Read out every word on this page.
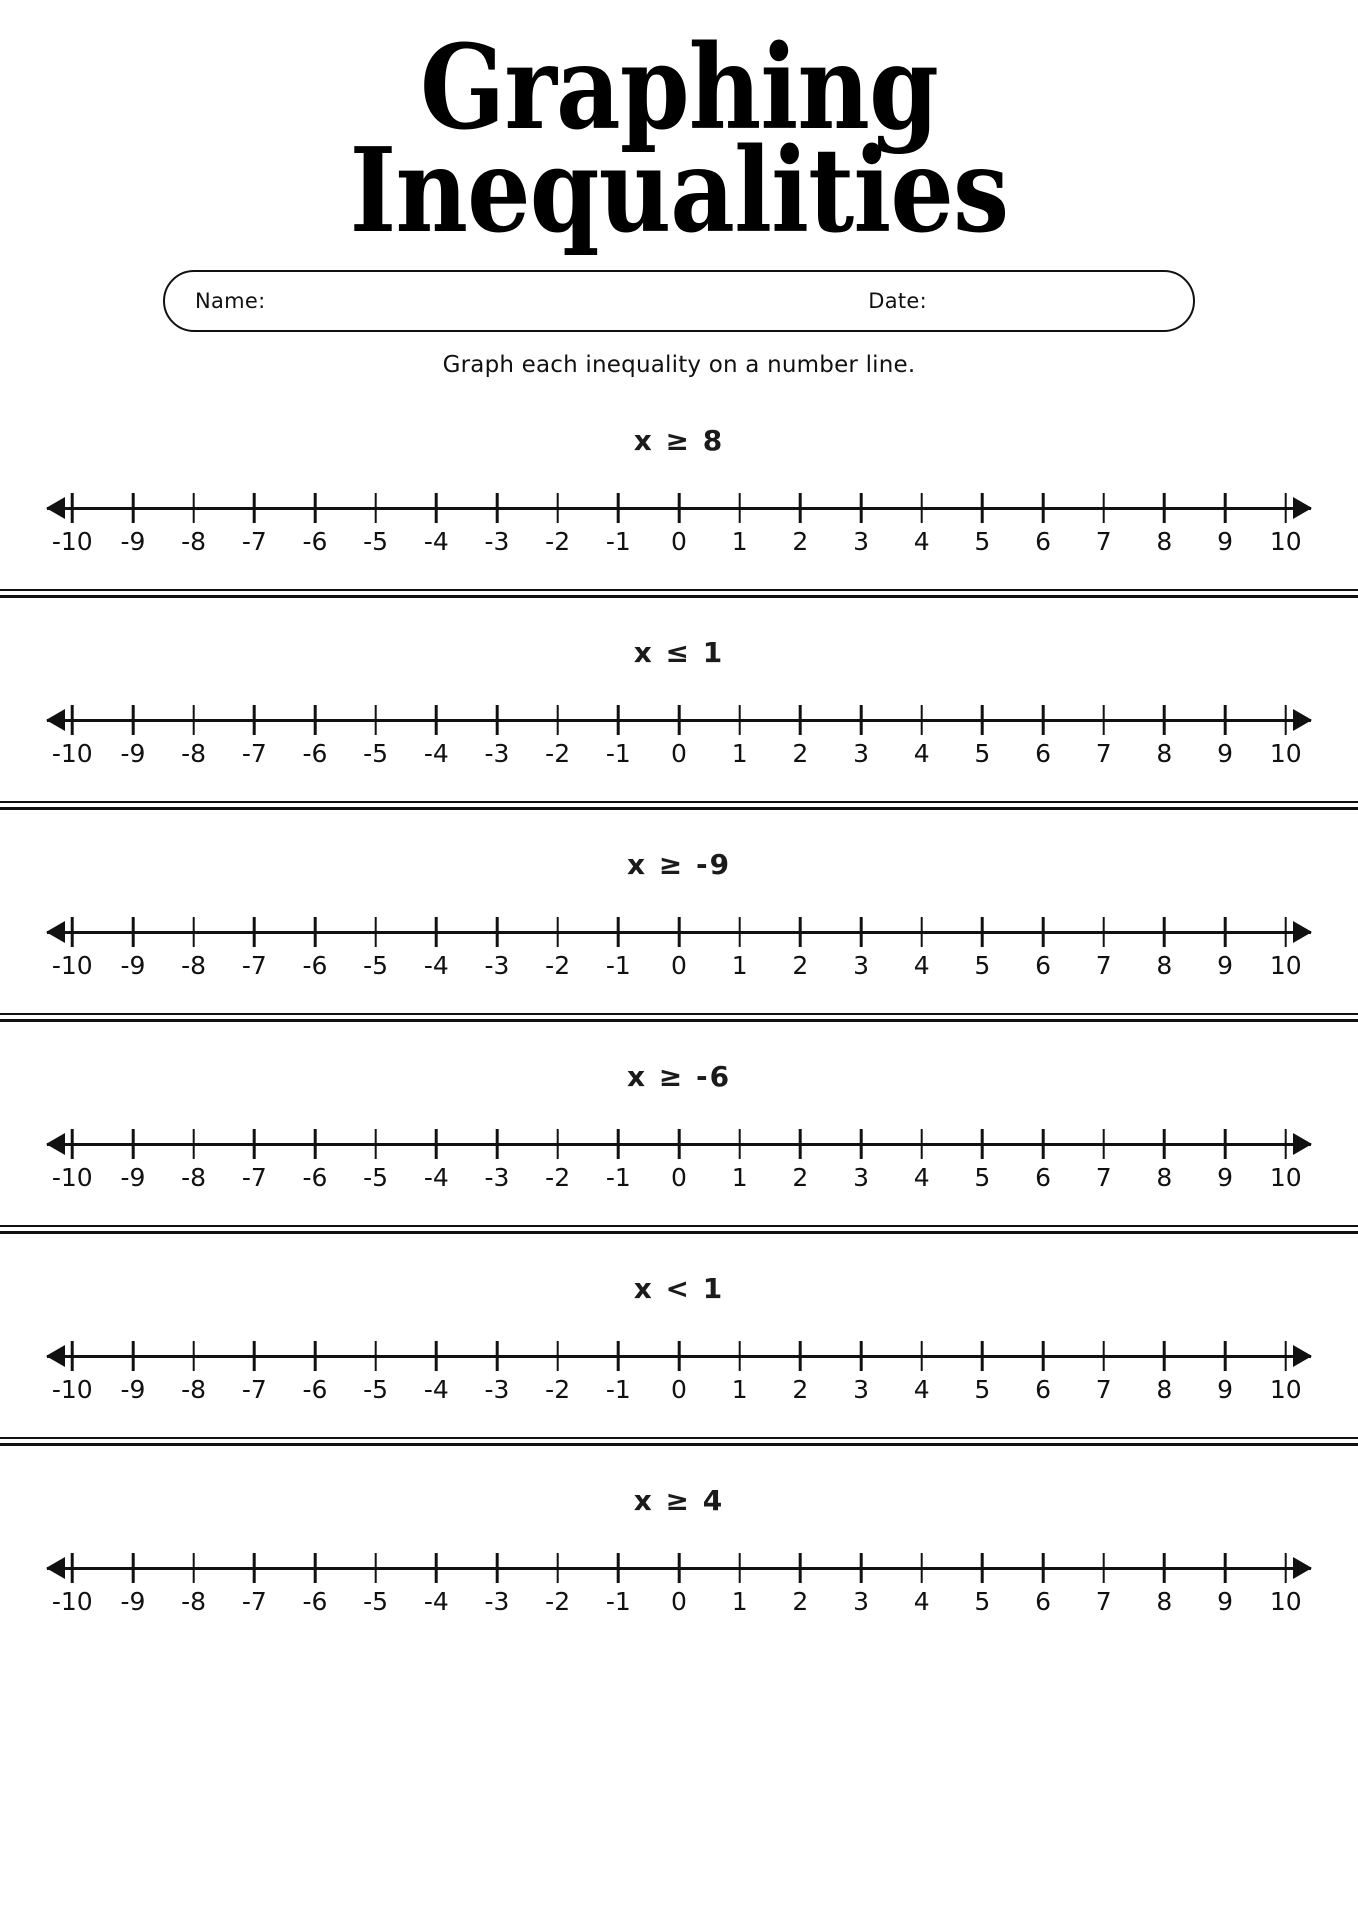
Graphing
Inequalities
Name:	Date:
Graph each inequality on a number line.
x ≥ 8
-10 -9 -8 -7 -6 -5 -4 -3 -2 -1 0 1 2 3 4 5 6 7 8 9 10
x ≤ 1
-10 -9 -8 -7 -6 -5 -4 -3 -2 -1 0 1 2 3 4 5 6 7 8 9 10
x ≥ -9
-10 -9 -8 -7 -6 -5 -4 -3 -2 -1 0 1 2 3 4 5 6 7 8 9 10
x ≥ -6
-10 -9 -8 -7 -6 -5 -4 -3 -2 -1 0 1 2 3 4 5 6 7 8 9 10
x < 1
-10 -9 -8 -7 -6 -5 -4 -3 -2 -1 0 1 2 3 4 5 6 7 8 9 10
x ≥ 4
-10 -9 -8 -7 -6 -5 -4 -3 -2 -1 0 1 2 3 4 5 6 7 8 9 10
